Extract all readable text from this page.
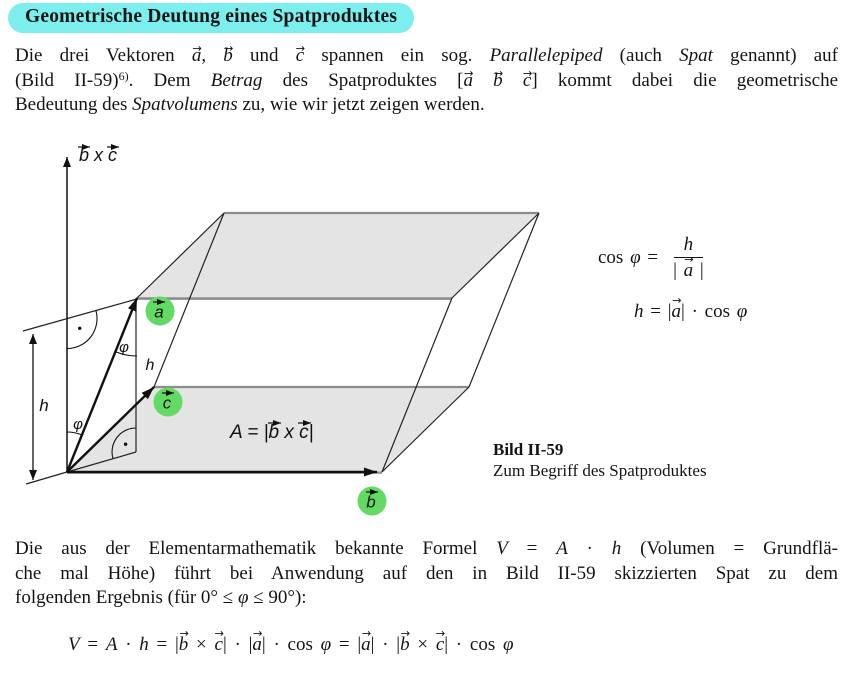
Geometrische Deutung eines Spatproduktes
Die drei Vektoren → a, → b und → c spannen ein sog. Parallelepiped (auch Spat genannt) auf
(Bild II-59)$^{6)}$. Dem Betrag des Spatproduktes [→ a → b → c] kommt dabei die geometrische
Bedeutung des Spatvolumens zu, wie wir jetzt zeigen werden.
a
c
b
b x c
h
h
φ
φ
A = |b x c|
$\cos \varphi = \frac{h}{| \to a |}$
h = |→ a| · cos φ
Bild II-59
Zum Begriff des Spatproduktes
Die aus der Elementarmathematik bekannte Formel V = A · h (Volumen = Grundflä-
che mal Höhe) führt bei Anwendung auf den in Bild II-59 skizzierten Spat zu dem
folgenden Ergebnis (für 0° ≤ φ ≤ 90°):
V = A · h = |→ b × → c| · |→ a| · cos φ = |→ a| · |→ b × → c| · cos φ
